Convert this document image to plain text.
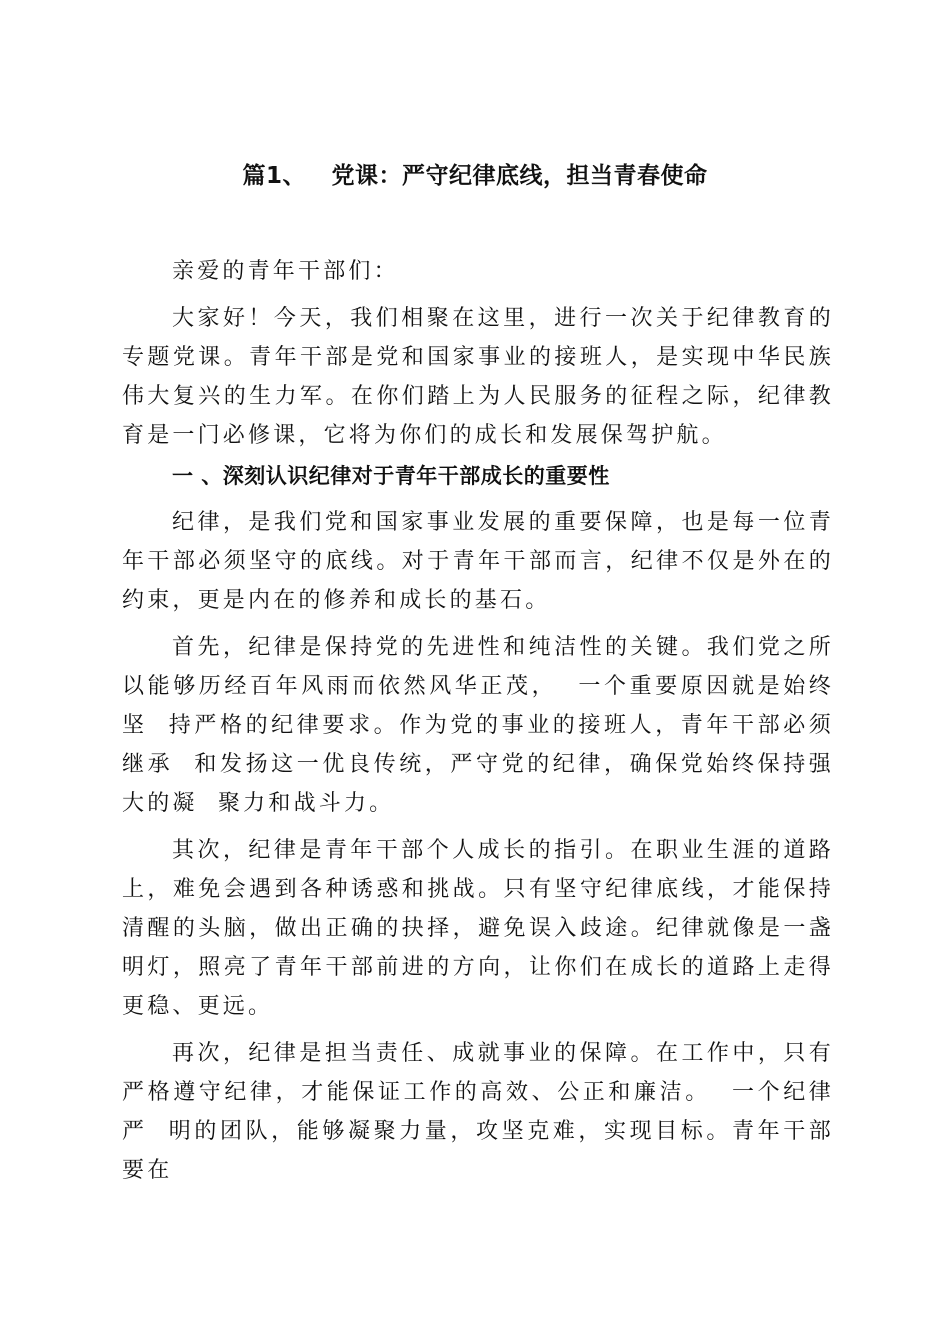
篇1、   党课：严守纪律底线，担当青春使命

亲爱的青年干部们：

大家好！今天，我们相聚在这里，进行一次关于纪律教育的专题党课。青年干部是党和国家事业的接班人，是实现中华民族伟大复兴的生力军。在你们踏上为人民服务的征程之际，纪律教育是一门必修课，它将为你们的成长和发展保驾护航。

一 、深刻认识纪律对于青年干部成长的重要性

纪律，是我们党和国家事业发展的重要保障，也是每一位青年干部必须坚守的底线。对于青年干部而言，纪律不仅是外在的约束，更是内在的修养和成长的基石。

首先，纪律是保持党的先进性和纯洁性的关键。我们党之所以能够历经百年风雨而依然风华正茂，  一个重要原因就是始终坚  持严格的纪律要求。作为党的事业的接班人，青年干部必须继承  和发扬这一优良传统，严守党的纪律，确保党始终保持强大的凝  聚力和战斗力。

其次，纪律是青年干部个人成长的指引。在职业生涯的道路上，难免会遇到各种诱惑和挑战。只有坚守纪律底线，才能保持清醒的头脑，做出正确的抉择，避免误入歧途。纪律就像是一盏明灯，照亮了青年干部前进的方向，让你们在成长的道路上走得更稳、更远。

再次，纪律是担当责任、成就事业的保障。在工作中，只有严格遵守纪律，才能保证工作的高效、公正和廉洁。  一个纪律严  明的团队，能够凝聚力量，攻坚克难，实现目标。青年干部要在
